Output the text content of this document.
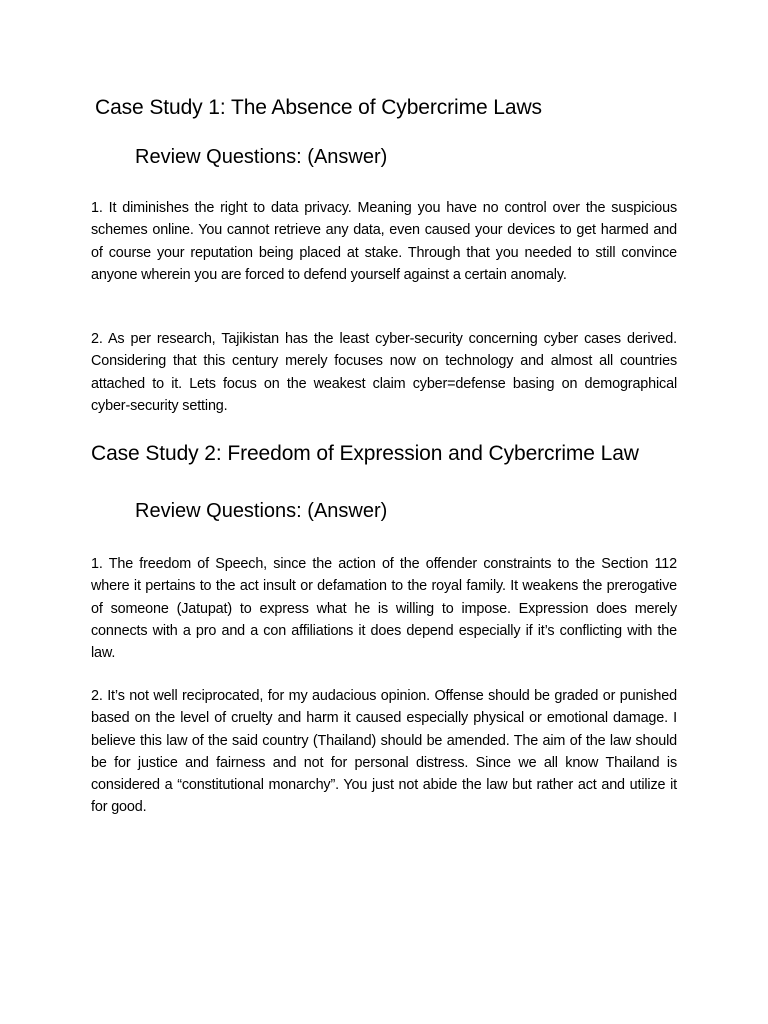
Case Study 1: The Absence of Cybercrime Laws
Review Questions: (Answer)

1. It diminishes the right to data privacy. Meaning you have no control over the suspicious schemes online. You cannot retrieve any data, even caused your devices to get harmed and of course your reputation being placed at stake. Through that you needed to still convince anyone wherein you are forced to defend yourself against a certain anomaly.

2. As per research, Tajikistan has the least cyber-security concerning cyber cases derived. Considering that this century merely focuses now on technology and almost all countries attached to it. Lets focus on the weakest claim cyber=defense basing on demographical cyber-security setting.

Case Study 2: Freedom of Expression and Cybercrime Law
Review Questions: (Answer)

1. The freedom of Speech, since the action of the offender constraints to the Section 112 where it pertains to the act insult or defamation to the royal family. It weakens the prerogative of someone (Jatupat) to express what he is willing to impose. Expression does merely connects with a pro and a con affiliations it does depend especially if it’s conflicting with the law.

2. It’s not well reciprocated, for my audacious opinion. Offense should be graded or punished based on the level of cruelty and harm it caused especially physical or emotional damage. I believe this law of the said country (Thailand) should be amended. The aim of the law should be for justice and fairness and not for personal distress. Since we all know Thailand is considered a “constitutional monarchy”. You just not abide the law but rather act and utilize it for good.
